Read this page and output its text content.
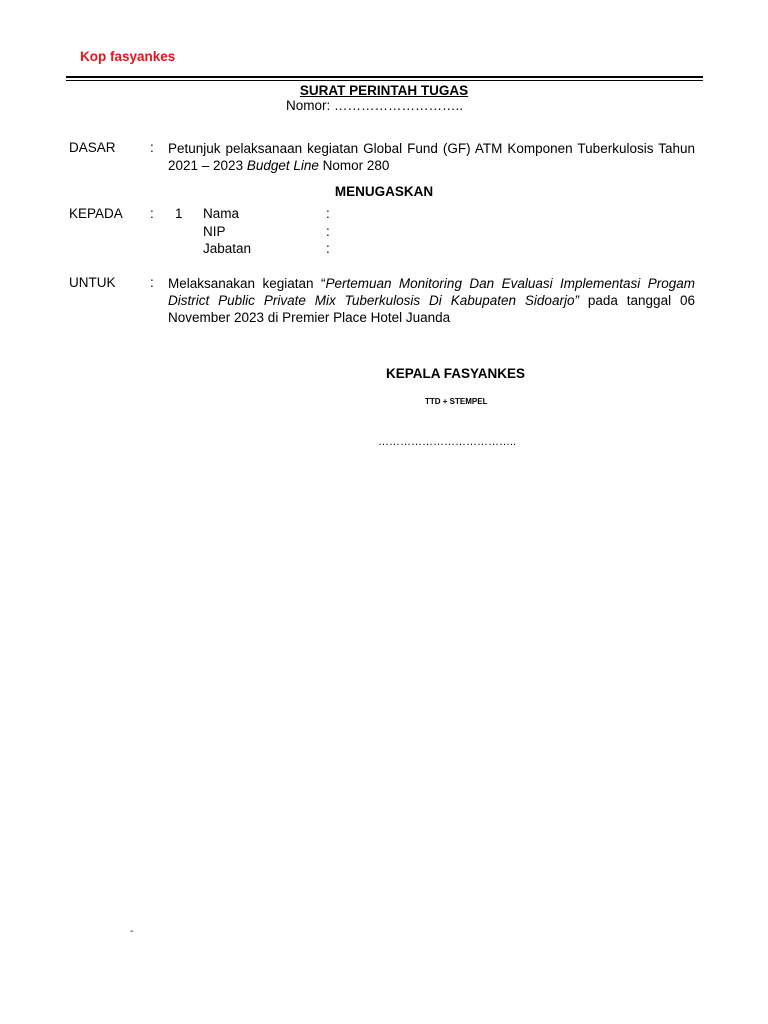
Kop fasyankes
SURAT PERINTAH TUGAS
Nomor: ………………………..
DASAR	: Petunjuk pelaksanaan kegiatan Global Fund (GF) ATM Komponen Tuberkulosis Tahun 2021 – 2023 Budget Line Nomor 280
MENUGASKAN
KEPADA : 1 Nama	:
NIP	:
Jabatan	:
UNTUK	: Melaksanakan kegiatan “Pertemuan Monitoring Dan Evaluasi Implementasi Progam District Public Private Mix Tuberkulosis Di Kabupaten Sidoarjo” pada tanggal 06 November 2023 di Premier Place Hotel Juanda
KEPALA FASYANKES
TTD + STEMPEL
………………………………..
-
